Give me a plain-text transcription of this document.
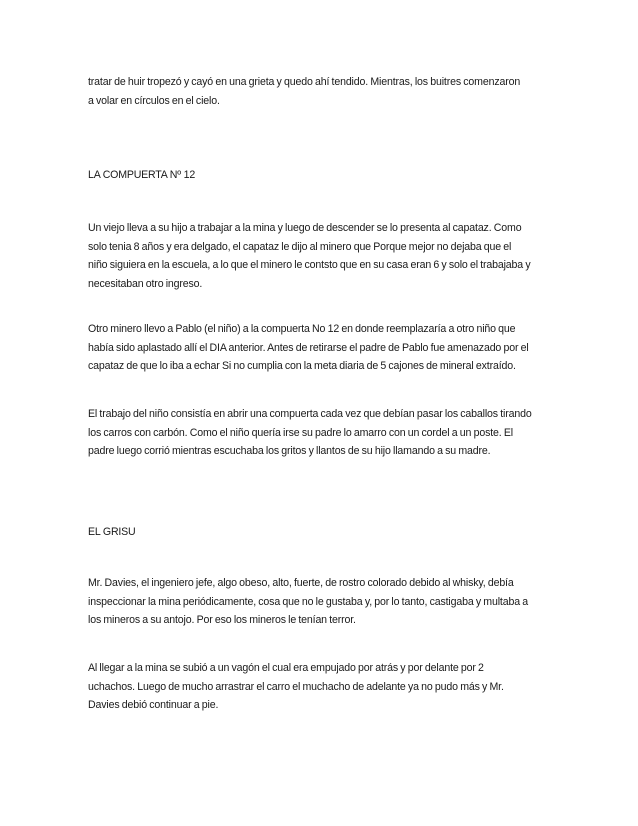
tratar de huir tropezó y cayó en una grieta y quedo ahí tendido. Mientras, los buitres comenzaron
a volar en círculos en el cielo.

LA COMPUERTA Nº 12

Un viejo lleva a su hijo a trabajar a la mina y luego de descender se lo presenta al capataz. Como
solo tenia 8 años y era delgado, el capataz le dijo al minero que Porque mejor no dejaba que el
niño siguiera en la escuela, a lo que el minero le contsto que en su casa eran 6 y solo el trabajaba y
necesitaban otro ingreso.

Otro minero llevo a Pablo (el niño) a la compuerta No 12 en donde reemplazaría a otro niño que
había sido aplastado allí el DIA anterior. Antes de retirarse el padre de Pablo fue amenazado por el
capataz de que lo iba a echar Si no cumplia con la meta diaria de 5 cajones de mineral extraído.

El trabajo del niño consistía en abrir una compuerta cada vez que debían pasar los caballos tirando
los carros con carbón. Como el niño quería irse su padre lo amarro con un cordel a un poste. El
padre luego corrió mientras escuchaba los gritos y llantos de su hijo llamando a su madre.

EL GRISU

Mr. Davies, el ingeniero jefe, algo obeso, alto, fuerte, de rostro colorado debido al whisky, debía
inspeccionar la mina periódicamente, cosa que no le gustaba y, por lo tanto, castigaba y multaba a
los mineros a su antojo. Por eso los mineros le tenían terror.

Al llegar a la mina se subió a un vagón el cual era empujado por atrás y por delante por 2
uchachos. Luego de mucho arrastrar el carro el muchacho de adelante ya no pudo más y Mr.
Davies debió continuar a pie.
